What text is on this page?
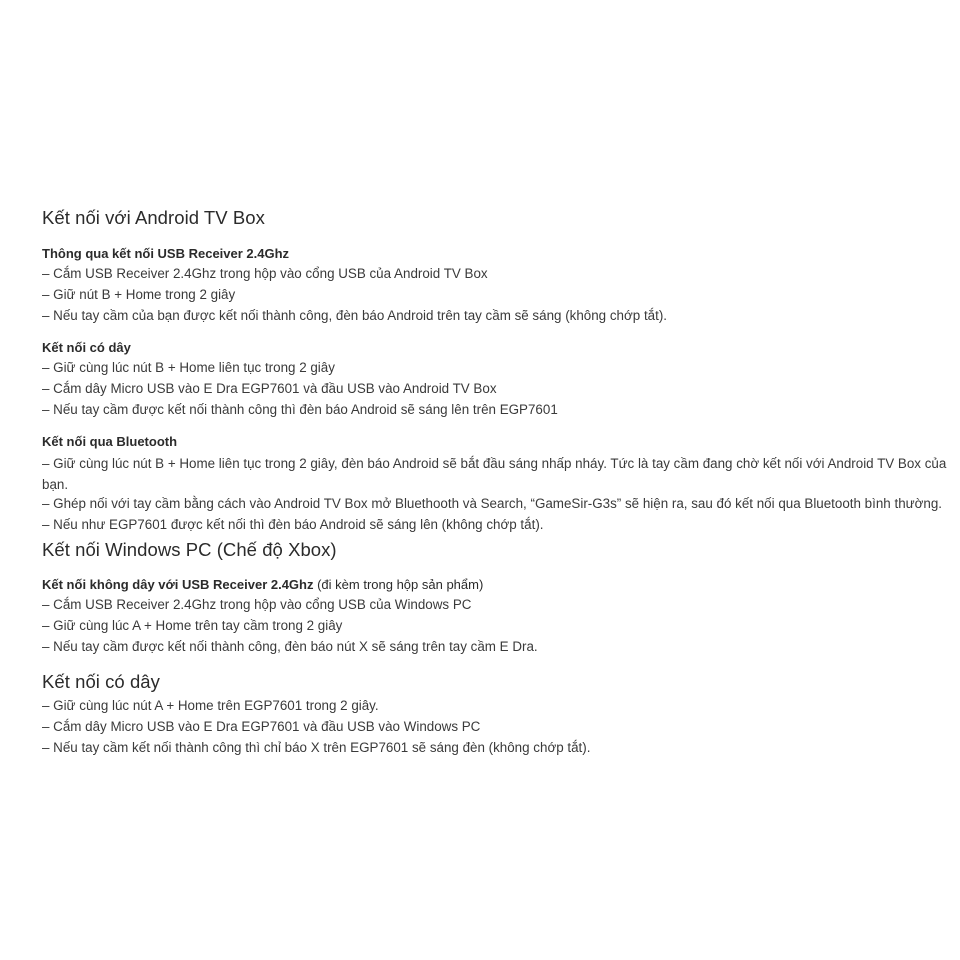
Kết nối với Android TV Box
Thông qua kết nối USB Receiver 2.4Ghz
– Cắm USB Receiver 2.4Ghz trong hộp vào cổng USB của Android TV Box
– Giữ nút B + Home trong 2 giây
– Nếu tay cầm của bạn được kết nối thành công, đèn báo Android trên tay cầm sẽ sáng (không chớp tắt).
Kết nối có dây
– Giữ cùng lúc nút B + Home liên tục trong 2 giây
– Cắm dây Micro USB vào E Dra EGP7601 và đầu USB vào Android TV Box
– Nếu tay cầm được kết nối thành công thì đèn báo Android sẽ sáng lên trên EGP7601
Kết nối qua Bluetooth
– Giữ cùng lúc nút B + Home liên tục trong 2 giây, đèn báo Android sẽ bắt đầu sáng nhấp nháy. Tức là tay cầm đang chờ kết nối với Android TV Box của bạn.
– Ghép nối với tay cầm bằng cách vào Android TV Box mở Bluethooth và Search, “GameSir-G3s” sẽ hiện ra, sau đó kết nối qua Bluetooth bình thường.
– Nếu như EGP7601 được kết nối thì đèn báo Android sẽ sáng lên (không chớp tắt).
Kết nối Windows PC (Chế độ Xbox)
Kết nối không dây với USB Receiver 2.4Ghz (đi kèm trong hộp sản phẩm)
– Cắm USB Receiver 2.4Ghz trong hộp vào cổng USB của Windows PC
– Giữ cùng lúc A + Home trên tay cầm trong 2 giây
– Nếu tay cầm được kết nối thành công, đèn báo nút X sẽ sáng trên tay cầm E Dra.
Kết nối có dây
– Giữ cùng lúc nút A + Home trên EGP7601 trong 2 giây.
– Cắm dây Micro USB vào E Dra EGP7601 và đầu USB vào Windows PC
– Nếu tay cầm kết nối thành công thì chỉ báo X trên EGP7601 sẽ sáng đèn (không chớp tắt).
